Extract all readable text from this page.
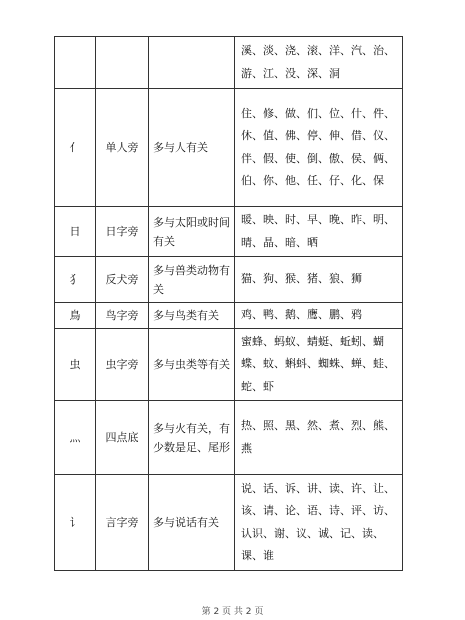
			溪、淡、浇、滚、洋、汽、治、游、江、没、深、洞
亻	单人旁	多与人有关	住、修、做、们、位、什、件、休、值、佛、停、伸、借、仪、伴、假、使、倒、傲、侯、俩、伯、你、他、任、仔、化、保
日	日字旁	多与太阳或时间有关	暖、映、时、早、晚、昨、明、晴、晶、暗、晒
犭	反犬旁	多与兽类动物有关	猫、狗、猴、猪、狼、狮
鳥	鸟字旁	多与鸟类有关	鸡、鸭、鹅、鹰、鹏、鸦
虫	虫字旁	多与虫类等有关	蜜蜂、蚂蚁、蜻蜓、蚯蚓、蝴蝶、蚊、蝌蚪、蜘蛛、蝉、蛙、蛇、虾
灬	四点底	多与火有关，有少数是足、尾形	热、照、黑、然、煮、烈、熊、燕
讠	言字旁	多与说话有关	说、话、诉、讲、读、许、让、该、请、论、语、诗、评、访、认识、谢、议、诚、记、读、课、谁
第 2 页 共 2 页
